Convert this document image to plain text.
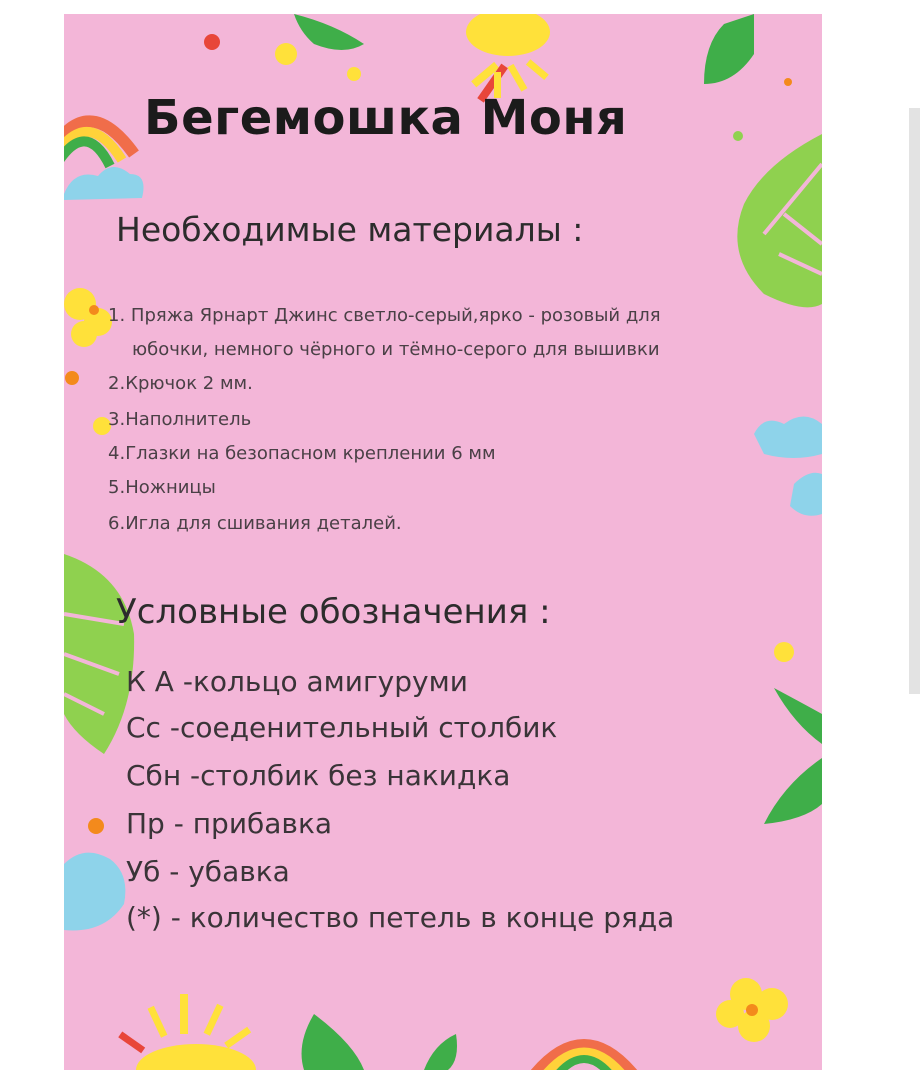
Бегемошка Моня
Необходимые материалы :
1. Пряжа Ярнарт Джинс светло-серый,ярко - розовый для
юбочки, немного чёрного и тёмно-серого для вышивки
2.Крючок 2 мм.
3.Наполнитель
4.Глазки на безопасном креплении 6 мм
5.Ножницы
6.Игла для сшивания деталей.
Условные обозначения :
К А -кольцо амигуруми
Сс -соеденительный столбик
Сбн -столбик без накидка
Пр - прибавка
Уб - убавка
(*) - количество петель в конце ряда
